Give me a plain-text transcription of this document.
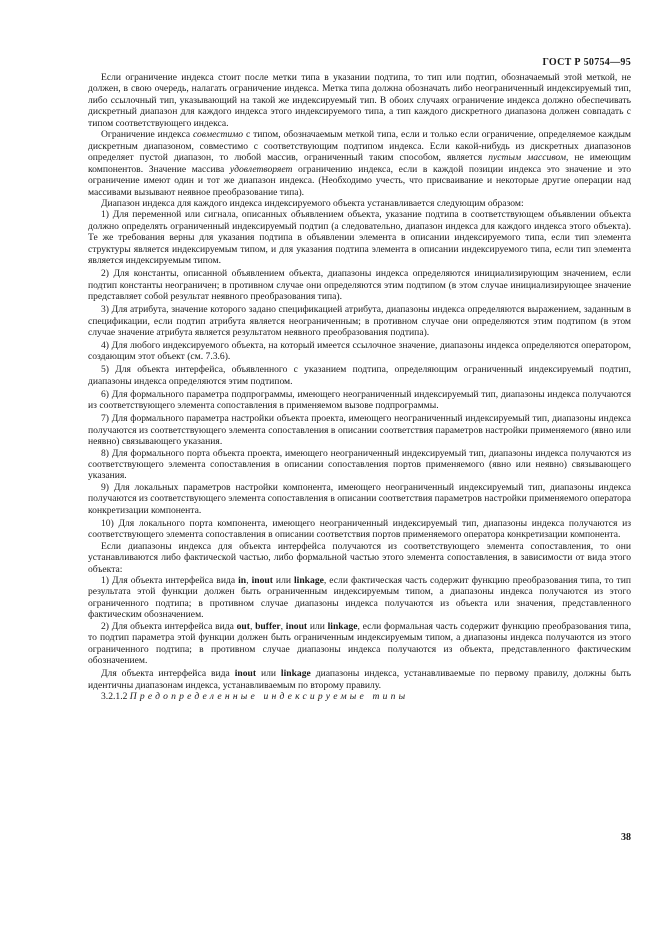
ГОСТ Р 50754—95

Если ограничение индекса стоит после метки типа в указании подтипа, то тип или подтип, обозначаемый этой меткой, не должен, в свою очередь, налагать ограничение индекса. Метка типа должна обозначать либо неограниченный индексируемый тип, либо ссылочный тип, указывающий на такой же индексируемый тип. В обоих случаях ограничение индекса должно обеспечивать дискретный диапазон для каждого индекса этого индексируемого типа, а тип каждого дискретного диапазона должен совпадать с типом соответствующего индекса.

Ограничение индекса совместимо с типом, обозначаемым меткой типа, если и только если ограничение, определяемое каждым дискретным диапазоном, совместимо с соответствующим подтипом индекса. Если какой-нибудь из дискретных диапазонов определяет пустой диапазон, то любой массив, ограниченный таким способом, является пустым массивом, не имеющим компонентов. Значение массива удовлетворяет ограничению индекса, если в каждой позиции индекса это значение и это ограничение имеют один и тот же диапазон индекса. (Необходимо учесть, что присваивание и некоторые другие операции над массивами вызывают неявное преобразование типа).

Диапазон индекса для каждого индекса индексируемого объекта устанавливается следующим образом:

1) Для переменной или сигнала, описанных объявлением объекта, указание подтипа в соответствующем объявлении объекта должно определять ограниченный индексируемый подтип (а следовательно, диапазон индекса для каждого индекса этого объекта). Те же требования верны для указания подтипа в объявлении элемента в описании индексируемого типа, если тип элемента структуры является индексируемым типом, и для указания подтипа элемента в описании индексируемого типа, если тип элемента является индексируемым типом.

2) Для константы, описанной объявлением объекта, диапазоны индекса определяются инициализирующим значением, если подтип константы неограничен; в противном случае они определяются этим подтипом (в этом случае инициализирующее значение представляет собой результат неявного преобразования типа).

3) Для атрибута, значение которого задано спецификацией атрибута, диапазоны индекса определяются выражением, заданным в спецификации, если подтип атрибута является неограниченным; в противном случае они определяются этим подтипом (в этом случае значение атрибута является результатом неявного преобразования подтипа).

4) Для любого индексируемого объекта, на который имеется ссылочное значение, диапазоны индекса определяются оператором, создающим этот объект (см. 7.3.6).

5) Для объекта интерфейса, объявленного с указанием подтипа, определяющим ограниченный индексируемый подтип, диапазоны индекса определяются этим подтипом.

6) Для формального параметра подпрограммы, имеющего неограниченный индексируемый тип, диапазоны индекса получаются из соответствующего элемента сопоставления в применяемом вызове подпрограммы.

7) Для формального параметра настройки объекта проекта, имеющего неограниченный индексируемый тип, диапазоны индекса получаются из соответствующего элемента сопоставления в описании соответствия параметров настройки применяемого (явно или неявно) связывающего указания.

8) Для формального порта объекта проекта, имеющего неограниченный индексируемый тип, диапазоны индекса получаются из соответствующего элемента сопоставления в описании сопоставления портов применяемого (явно или неявно) связывающего указания.

9) Для локальных параметров настройки компонента, имеющего неограниченный индексируемый тип, диапазоны индекса получаются из соответствующего элемента сопоставления в описании соответствия параметров настройки применяемого оператора конкретизации компонента.

10) Для локального порта компонента, имеющего неограниченный индексируемый тип, диапазоны индекса получаются из соответствующего элемента сопоставления в описании соответствия портов применяемого оператора конкретизации компонента.

Если диапазоны индекса для объекта интерфейса получаются из соответствующего элемента сопоставления, то они устанавливаются либо фактической частью, либо формальной частью этого элемента сопоставления, в зависимости от вида этого объекта:

1) Для объекта интерфейса вида in, inout или linkage, если фактическая часть содержит функцию преобразования типа, то тип результата этой функции должен быть ограниченным индексируемым типом, а диапазоны индекса получаются из этого ограниченного подтипа; в противном случае диапазоны индекса получаются из объекта или значения, представленного фактическим обозначением.

2) Для объекта интерфейса вида out, buffer, inout или linkage, если формальная часть содержит функцию преобразования типа, то подтип параметра этой функции должен быть ограниченным индексируемым типом, а диапазоны индекса получаются из этого ограниченного подтипа; в противном случае диапазоны индекса получаются из объекта, представленного фактическим обозначением.

Для объекта интерфейса вида inout или linkage диапазоны индекса, устанавливаемые по первому правилу, должны быть идентичны диапазонам индекса, устанавливаемым по второму правилу.

3.2.1.2 Предопределенные индексируемые типы

38
